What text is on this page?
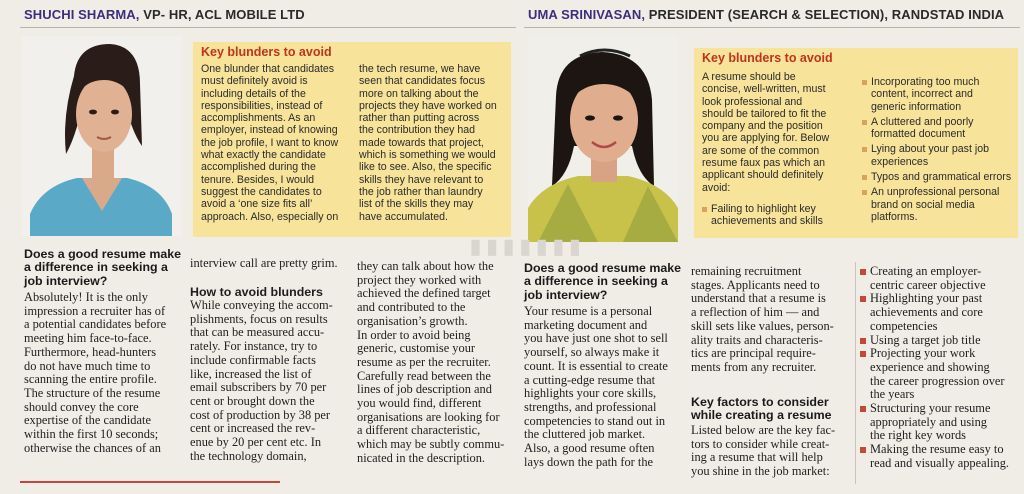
SHUCHI SHARMA, VP- HR, ACL MOBILE LTD	UMA SRINIVASAN, PRESIDENT (SEARCH & SELECTION), RANDSTAD INDIA
Key blunders to avoid
One blunder that candidates
must definitely avoid is
including details of the
responsibilities, instead of
accomplishments. As an
employer, instead of knowing
the job profile, I want to know
what exactly the candidate
accomplished during the
tenure. Besides, I would
suggest the candidates to
avoid a ‘one size fits all’
approach. Also, especially on
the tech resume, we have
seen that candidates focus
more on talking about the
projects they have worked on
rather than putting across
the contribution they had
made towards that project,
which is something we would
like to see. Also, the specific
skills they have relevant to
the job rather than laundry
list of the skills they may
have accumulated.
Key blunders to avoid
A resume should be
concise, well-written, must
look professional and
should be tailored to fit the
company and the position
you are applying for. Below
are some of the common
resume faux pas which an
applicant should definitely
avoid:
Failing to highlight key
achievements and skills
Incorporating too much
content, incorrect and
generic information
A cluttered and poorly
formatted document
Lying about your past job
experiences
Typos and grammatical errors
An unprofessional personal
brand on social media
platforms.
▮ ▮ ▮ ▮ ▮ ▮ ▮
Does a good resume make
a difference in seeking a
job interview?
Absolutely! It is the only
impression a recruiter has of
a potential candidates before
meeting him face-to-face.
Furthermore, head-hunters
do not have much time to
scanning the entire profile.
The structure of the resume
should convey the core
expertise of the candidate
within the first 10 seconds;
otherwise the chances of an
interview call are pretty grim.
How to avoid blunders
While conveying the accom-
plishments, focus on results
that can be measured accu-
rately. For instance, try to
include confirmable facts
like, increased the list of
email subscribers by 70 per
cent or brought down the
cost of production by 38 per
cent or increased the rev-
enue by 20 per cent etc. In
the technology domain,
they can talk about how the
project they worked with
achieved the defined target
and contributed to the
organisation’s growth.
In order to avoid being
generic, customise your
resume as per the recruiter.
Carefully read between the
lines of job description and
you would find, different
organisations are looking for
a different characteristic,
which may be subtly commu-
nicated in the description.
Does a good resume make
a difference in seeking a
job interview?
Your resume is a personal
marketing document and
you have just one shot to sell
yourself, so always make it
count. It is essential to create
a cutting-edge resume that
highlights your core skills,
strengths, and professional
competencies to stand out in
the cluttered job market.
Also, a good resume often
lays down the path for the
remaining recruitment
stages. Applicants need to
understand that a resume is
a reflection of him — and
skill sets like values, person-
ality traits and characteris-
tics are principal require-
ments from any recruiter.
Key factors to consider
while creating a resume
Listed below are the key fac-
tors to consider while creat-
ing a resume that will help
you shine in the job market:
Creating an employer-
centric career objective
Highlighting your past
achievements and core
competencies
Using a target job title
Projecting your work
experience and showing
the career progression over
the years
Structuring your resume
appropriately and using
the right key words
Making the resume easy to
read and visually appealing.
